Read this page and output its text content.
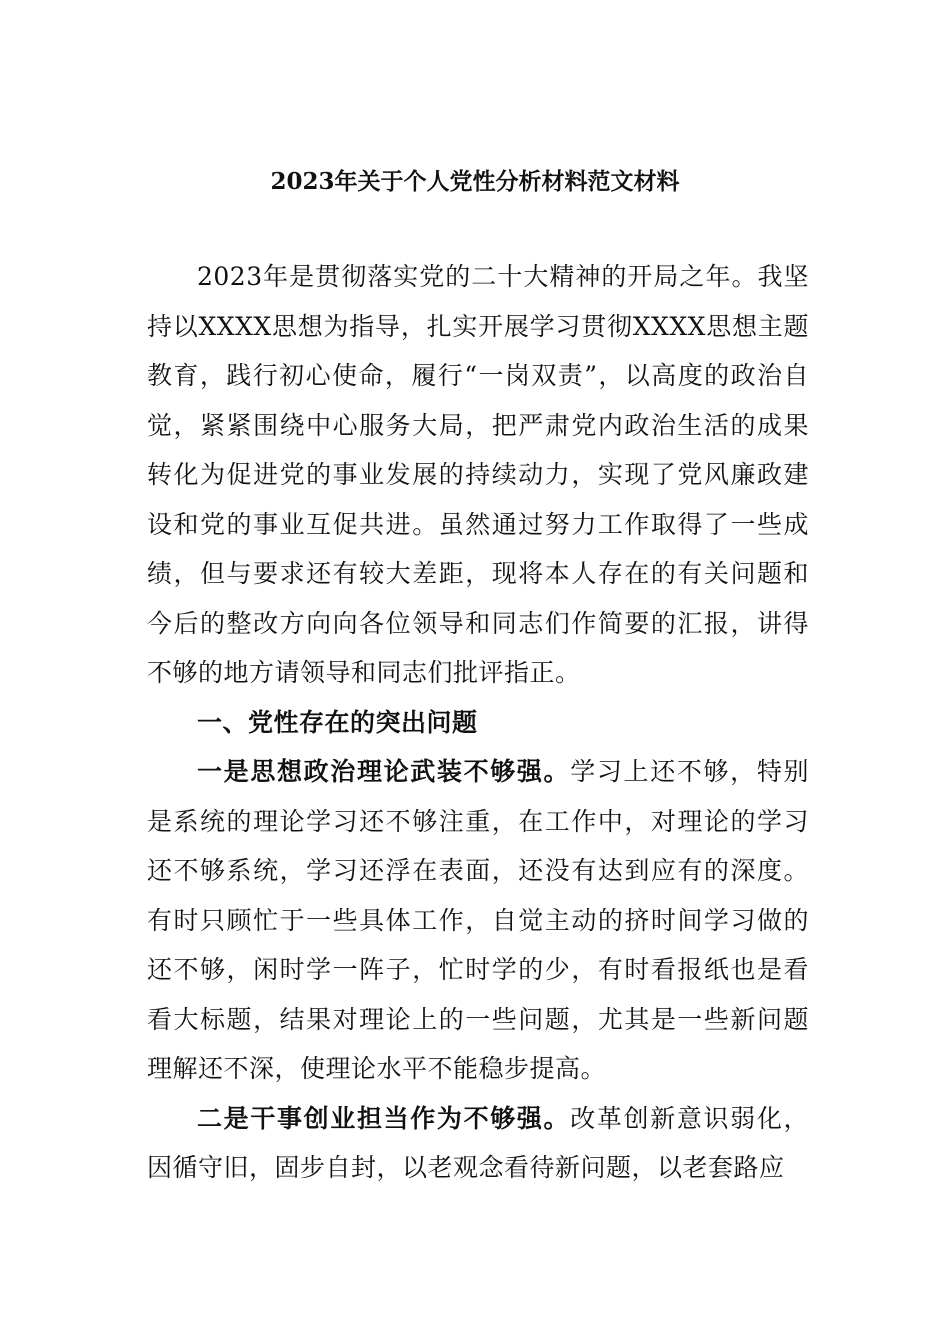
2023年关于个人党性分析材料范文材料

2023年是贯彻落实党的二十大精神的开局之年。我坚持以XXXX思想为指导，扎实开展学习贯彻XXXX思想主题教育，践行初心使命，履行“一岗双责”，以高度的政治自觉，紧紧围绕中心服务大局，把严肃党内政治生活的成果转化为促进党的事业发展的持续动力，实现了党风廉政建设和党的事业互促共进。虽然通过努力工作取得了一些成绩，但与要求还有较大差距，现将本人存在的有关问题和今后的整改方向向各位领导和同志们作简要的汇报，讲得不够的地方请领导和同志们批评指正。

一、党性存在的突出问题

一是思想政治理论武装不够强。学习上还不够，特别是系统的理论学习还不够注重，在工作中，对理论的学习还不够系统，学习还浮在表面，还没有达到应有的深度。有时只顾忙于一些具体工作，自觉主动的挤时间学习做的还不够，闲时学一阵子，忙时学的少，有时看报纸也是看看大标题，结果对理论上的一些问题，尤其是一些新问题理解还不深，使理论水平不能稳步提高。

二是干事创业担当作为不够强。改革创新意识弱化，因循守旧，固步自封，以老观念看待新问题，以老套路应
